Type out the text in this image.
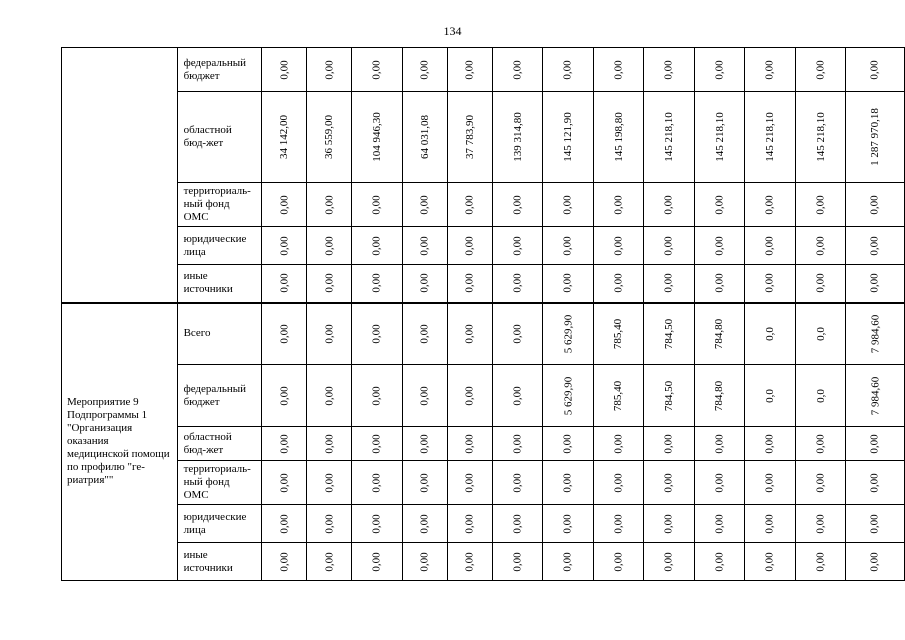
134
	федеральный бюджет	0,00	0,00	0,00	0,00	0,00	0,00	0,00	0,00	0,00	0,00	0,00	0,00	0,00
	областной бюд-жет	34 142,00	36 559,00	104 946,30	64 031,08	37 783,90	139 314,80	145 121,90	145 198,80	145 218,10	145 218,10	145 218,10	145 218,10	1 287 970,18
	территориаль-ный фонд ОМС	0,00	0,00	0,00	0,00	0,00	0,00	0,00	0,00	0,00	0,00	0,00	0,00	0,00
	юридические лица	0,00	0,00	0,00	0,00	0,00	0,00	0,00	0,00	0,00	0,00	0,00	0,00	0,00
	иные источники	0,00	0,00	0,00	0,00	0,00	0,00	0,00	0,00	0,00	0,00	0,00	0,00	0,00
Мероприятие 9 Подпрограммы 1 "Организация оказания медицинской помощи по профилю "ге-риатрия""	Всего	0,00	0,00	0,00	0,00	0,00	0,00	5 629,90	785,40	784,50	784,80	0,0	0,0	7 984,60
	федеральный бюджет	0,00	0,00	0,00	0,00	0,00	0,00	5 629,90	785,40	784,50	784,80	0,0	0,0	7 984,60
	областной бюд-жет	0,00	0,00	0,00	0,00	0,00	0,00	0,00	0,00	0,00	0,00	0,00	0,00	0,00
	территориаль-ный фонд ОМС	0,00	0,00	0,00	0,00	0,00	0,00	0,00	0,00	0,00	0,00	0,00	0,00	0,00
	юридические лица	0,00	0,00	0,00	0,00	0,00	0,00	0,00	0,00	0,00	0,00	0,00	0,00	0,00
	иные источники	0,00	0,00	0,00	0,00	0,00	0,00	0,00	0,00	0,00	0,00	0,00	0,00	0,00
